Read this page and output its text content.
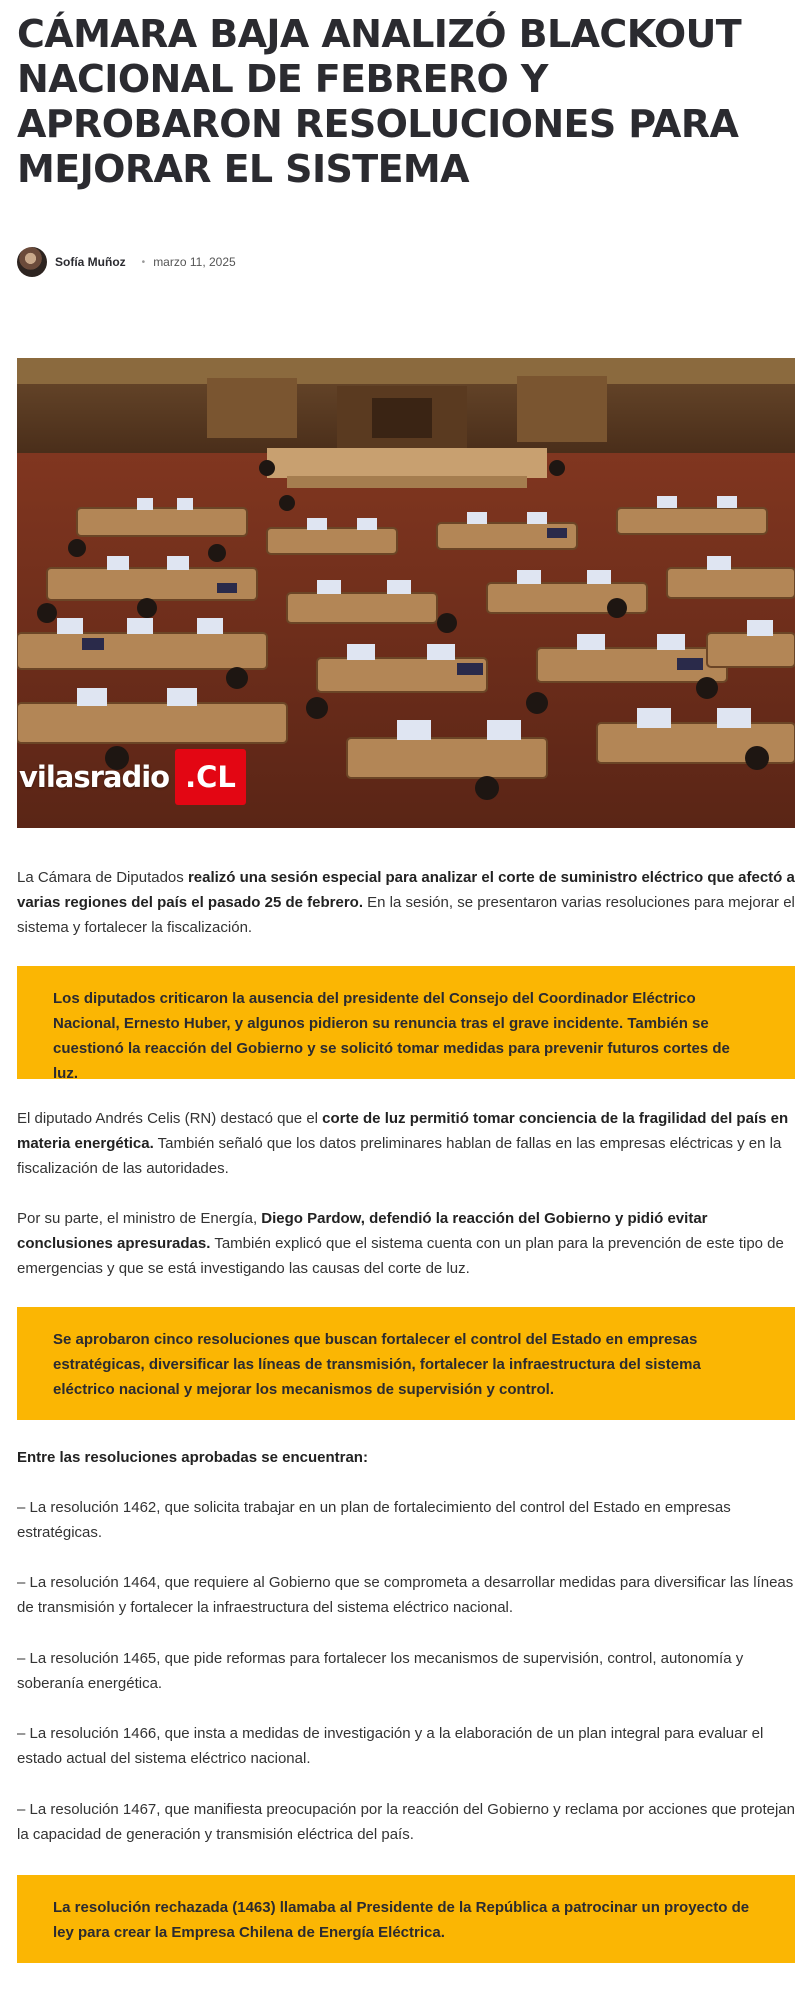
CÁMARA BAJA ANALIZÓ BLACKOUT NACIONAL DE FEBRERO Y APROBARON RESOLUCIONES PARA MEJORAR EL SISTEMA
Sofía Muñoz • marzo 11, 2025
vilasradio .CL

La Cámara de Diputados realizó una sesión especial para analizar el corte de suministro eléctrico que afectó a varias regiones del país el pasado 25 de febrero. En la sesión, se presentaron varias resoluciones para mejorar el sistema y fortalecer la fiscalización.

Los diputados criticaron la ausencia del presidente del Consejo del Coordinador Eléctrico Nacional, Ernesto Huber, y algunos pidieron su renuncia tras el grave incidente. También se cuestionó la reacción del Gobierno y se solicitó tomar medidas para prevenir futuros cortes de luz.

El diputado Andrés Celis (RN) destacó que el corte de luz permitió tomar conciencia de la fragilidad del país en materia energética. También señaló que los datos preliminares hablan de fallas en las empresas eléctricas y en la fiscalización de las autoridades.

Por su parte, el ministro de Energía, Diego Pardow, defendió la reacción del Gobierno y pidió evitar conclusiones apresuradas. También explicó que el sistema cuenta con un plan para la prevención de este tipo de emergencias y que se está investigando las causas del corte de luz.

Se aprobaron cinco resoluciones que buscan fortalecer el control del Estado en empresas estratégicas, diversificar las líneas de transmisión, fortalecer la infraestructura del sistema eléctrico nacional y mejorar los mecanismos de supervisión y control.

Entre las resoluciones aprobadas se encuentran:

– La resolución 1462, que solicita trabajar en un plan de fortalecimiento del control del Estado en empresas estratégicas.

– La resolución 1464, que requiere al Gobierno que se comprometa a desarrollar medidas para diversificar las líneas de transmisión y fortalecer la infraestructura del sistema eléctrico nacional.

– La resolución 1465, que pide reformas para fortalecer los mecanismos de supervisión, control, autonomía y soberanía energética.

– La resolución 1466, que insta a medidas de investigación y a la elaboración de un plan integral para evaluar el estado actual del sistema eléctrico nacional.

– La resolución 1467, que manifiesta preocupación por la reacción del Gobierno y reclama por acciones que protejan la capacidad de generación y transmisión eléctrica del país.

La resolución rechazada (1463) llamaba al Presidente de la República a patrocinar un proyecto de ley para crear la Empresa Chilena de Energía Eléctrica.
